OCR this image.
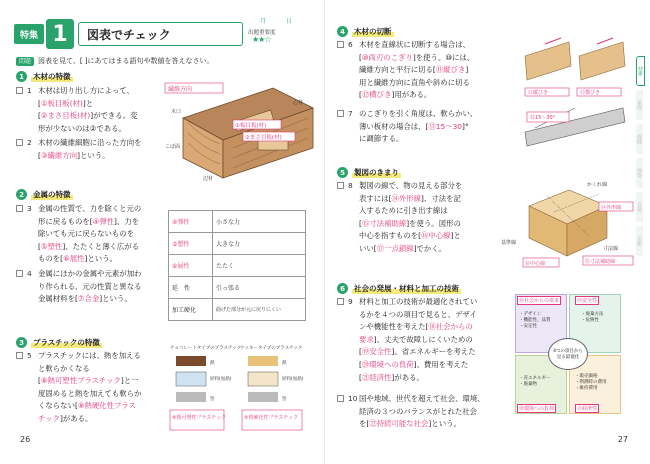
特集 1	図表でチェック
月	日
出題重要度
★★☆
問題 図表を見て、[ ]にあてはまる語句や数値を答えなさい。
1	木材の特徴
1 木材は切り出し方によって、
[①板目板(材)]と
[②まさ目板(材)]ができる。変
形が少ないのは②である。
2 木材の繊維細胞に沿った方向を
[③繊維方向]という。
繊維方向
木口
①板目板(材)
②まさ目板(材)
こば面
辺材
心材
2	金属の特徴
3 金属の性質で、力を除くと元の
形に戻るものを[④弾性]、力を
除いても元に戻らないものを
[⑤塑性]、たたくと薄く広がる
ものを[⑥展性]という。
4 金属にほかの金属や元素が加わ
り作られる、元の性質と異なる
金属材料を[⑦合金]という。
④弾性	小さな力
⑤塑性	大きな力
⑥展性	たたく
延　性	引っ張る
加工硬化	曲げた部分が元に戻りにくい
3	プラスチックの特徴
5 プラスチックには、熱を加える
と軟らかくなる
[⑧熱可塑性プラスチック]と一
度固めると熱を加えても軟らか
くならない[⑨熱硬化性プラス
チック]がある。
チョコレートタイプのプラスチック
クッキータイプのプラスチック
熱	熱
原料(加熱)	原料(加熱)
型	型
⑧熱可塑性プラスチック	⑨熱硬化性プラスチック
26
4	木材の切断
6 木材を直線状に切断する場合は、
[⑩両刃のこぎり]を使う。⑩には、
繊維方向と平行に切る[⑪縦びき]
用と繊維方向に直角や斜めに切る
[⑫横びき]用がある。
7 のこぎりを引く角度は、軟らかい、
薄い板材の場合は、[⑬15〜30]°
に調節する。
⑪縦びき	⑫横びき
⑬15〜30°
5	製図のきまり
8 製図の線で、物の見える部分を
表すには[⑭外形線]、寸法を記
入するために引き出す線は
[⑮寸法補助線]を使う。図形の
中心を指すものを[⑯中心線]と
いい[⑰一点鎖線]でかく。
かくれ線
⑭外形線
基準線
寸法線
⑮寸法補助線
⑯中心線
6	社会の発展・材料と加工の技術
9 材料と加工の技術が最適化されてい
るかを４つの項目で見ると、デザイ
ンや機能性を考えた[⑱社会からの
要求]、丈夫で故障しにくいための
[⑲安全性]、省エネルギーを考えた
[⑳環境への負荷]、費用を考えた
[㉑経済性]がある。
10 国や地域、世代を超えて社会、環境、
経済の３つのバランスがとれた社会
を[㉒持続可能な社会]という。
⑱社会からの要求	⑲安全性
⑳環境への負荷	㉑経済性
・デザイン
・機能性、品質
・安定性
・廃棄方法
・危険性
・省エネルギー
・廃棄物
・販売価格
・利潤時の費用
・維持費用
4つの項目から見る最適化
技術
家庭
保健
体育
音楽
美術
27
